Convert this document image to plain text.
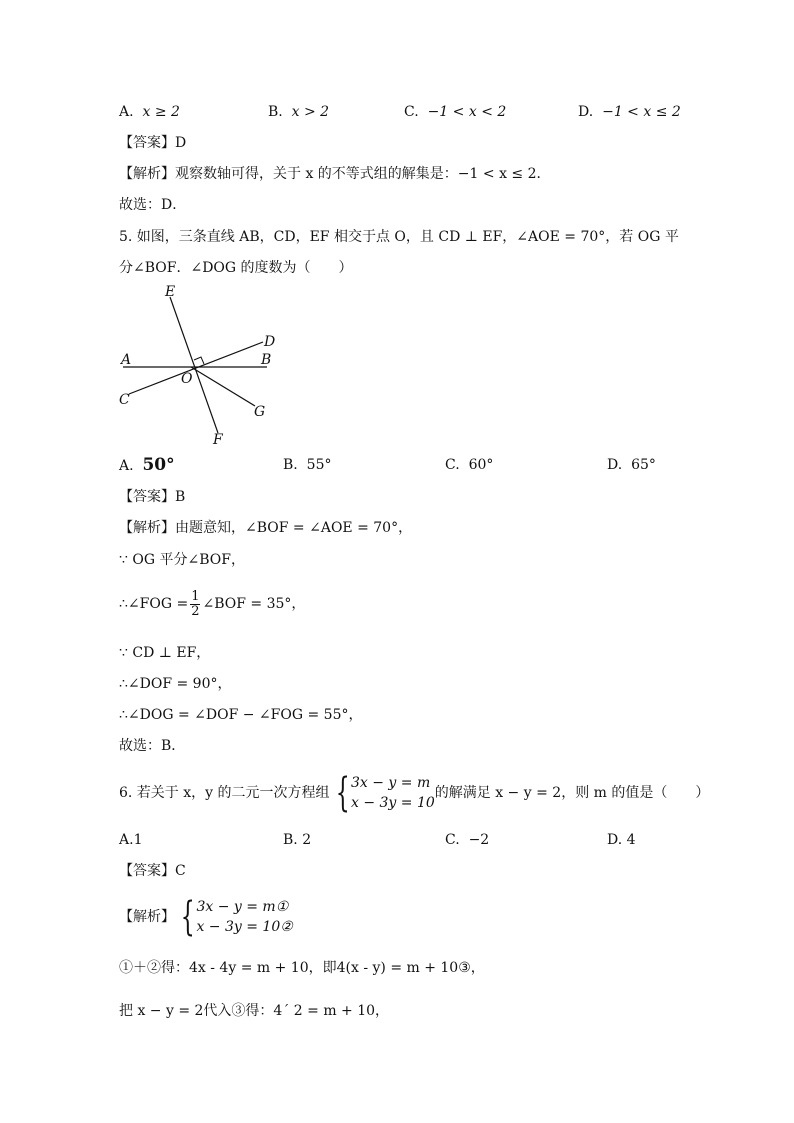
A. x ≥ 2	B. x > 2	C. −1 < x < 2	D. −1 < x ≤ 2
【答案】D
【解析】观察数轴可得，关于 x 的不等式组的解集是：−1 < x ≤ 2．
故选：D．
5. 如图，三条直线 AB，CD，EF 相交于点 O，且 CD ⊥ EF，∠AOE = 70°，若 OG 平
分∠BOF．∠DOG 的度数为（　　）
E
D
A	B
O
C
G
F
A. 50°	B. 55°	C. 60°	D. 65°
【答案】B
【解析】由题意知，∠BOF = ∠AOE = 70°，
∵ OG 平分∠BOF，
∴∠FOG = $\frac{1}{2}$ ∠BOF = 35°，
∵ CD ⊥ EF，
∴∠DOF = 90°，
∴∠DOG = ∠DOF − ∠FOG = 55°，
故选：B．
6. 若关于 x，y 的二元一次方程组 { 3x − y = m
x − 3y = 10
的解满足 x − y = 2，则 m 的值是（　　）
A.1	B. 2	C. −2	D. 4
【答案】C
【解析】 { 3x − y = m①
x − 3y = 10②
①＋②得：4x - 4y = m + 10，即4(x - y) = m + 10③，
把 x − y = 2代入③得：4´ 2 = m + 10，
